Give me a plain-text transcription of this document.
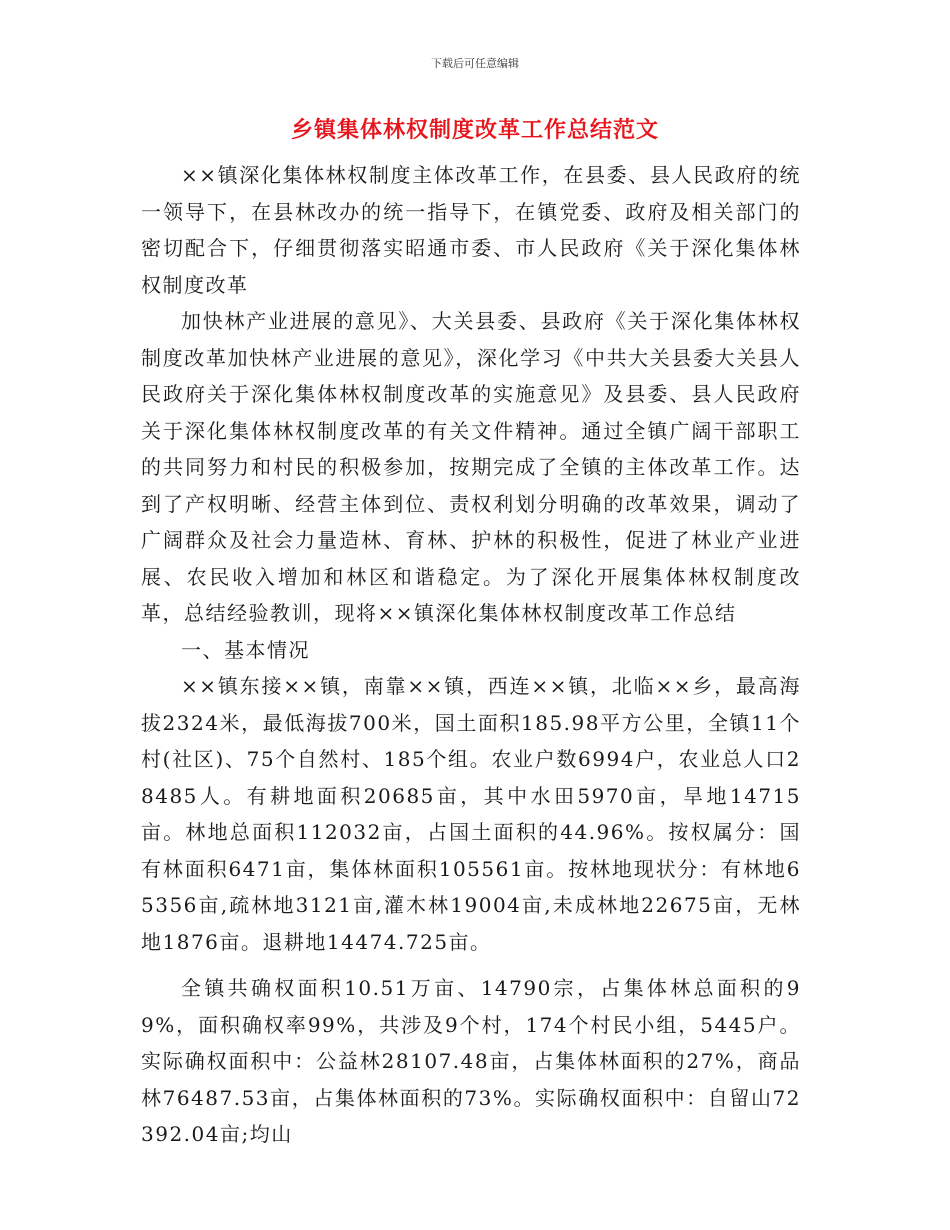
下载后可任意编辑
乡镇集体林权制度改革工作总结范文

××镇深化集体林权制度主体改革工作，在县委、县人民政府的统一领导下，在县林改办的统一指导下，在镇党委、政府及相关部门的密切配合下，仔细贯彻落实昭通市委、市人民政府《关于深化集体林权制度改革

加快林产业进展的意见》、大关县委、县政府《关于深化集体林权制度改革加快林产业进展的意见》，深化学习《中共大关县委大关县人民政府关于深化集体林权制度改革的实施意见》及县委、县人民政府关于深化集体林权制度改革的有关文件精神。通过全镇广阔干部职工的共同努力和村民的积极参加，按期完成了全镇的主体改革工作。达到了产权明晰、经营主体到位、责权利划分明确的改革效果，调动了广阔群众及社会力量造林、育林、护林的积极性，促进了林业产业进展、农民收入增加和林区和谐稳定。为了深化开展集体林权制度改革，总结经验教训，现将××镇深化集体林权制度改革工作总结

一、基本情况

××镇东接××镇，南靠××镇，西连××镇，北临××乡，最高海拔2324米，最低海拔700米，国土面积185.98平方公里，全镇11个村(社区)、75个自然村、185个组。农业户数6994户，农业总人口28485人。有耕地面积20685亩，其中水田5970亩，旱地14715亩。林地总面积112032亩，占国土面积的44.96%。按权属分：国有林面积6471亩，集体林面积105561亩。按林地现状分：有林地65356亩,疏林地3121亩,灌木林19004亩,未成林地22675亩，无林地1876亩。退耕地14474.725亩。

全镇共确权面积10.51万亩、14790宗，占集体林总面积的99%，面积确权率99%，共涉及9个村，174个村民小组，5445户。实际确权面积中：公益林28107.48亩，占集体林面积的27%，商品林76487.53亩，占集体林面积的73%。实际确权面积中：自留山72392.04亩;均山
